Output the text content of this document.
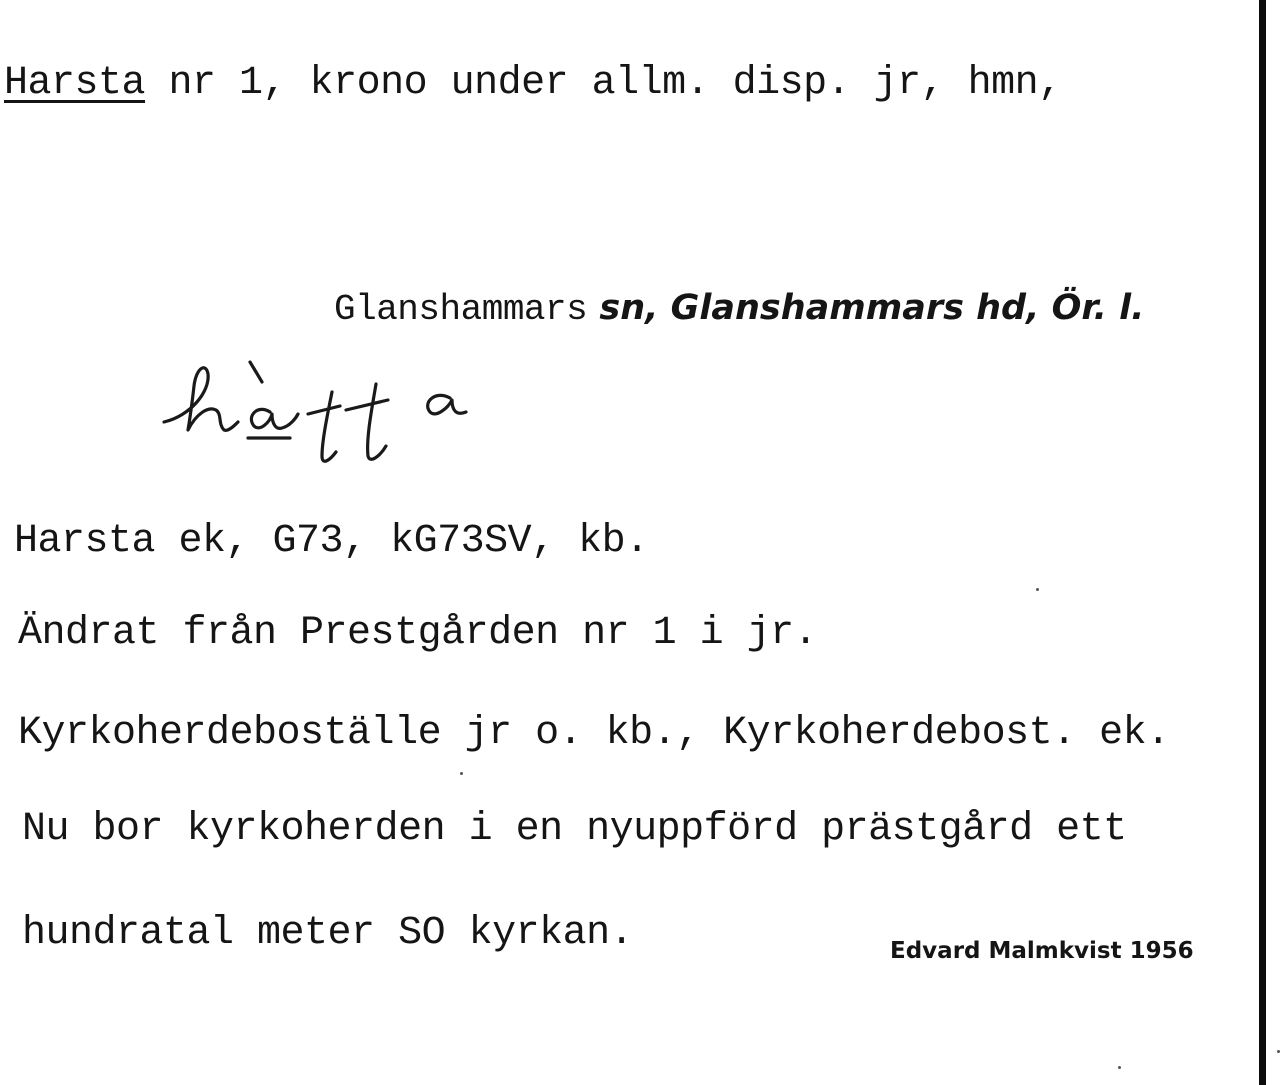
Harsta nr 1, krono under allm. disp. jr, hmn,
Glanshammars sn, Glanshammars hd, Ör. l.
Harsta ek, G73, kG73SV, kb.
Ändrat från Prestgården nr 1 i jr.
Kyrkoherdeboställe jr o. kb., Kyrkoherdebost. ek.
Nu bor kyrkoherden i en nyuppförd prästgård ett
hundratal meter SO kyrkan.	Edvard Malmkvist 1956
